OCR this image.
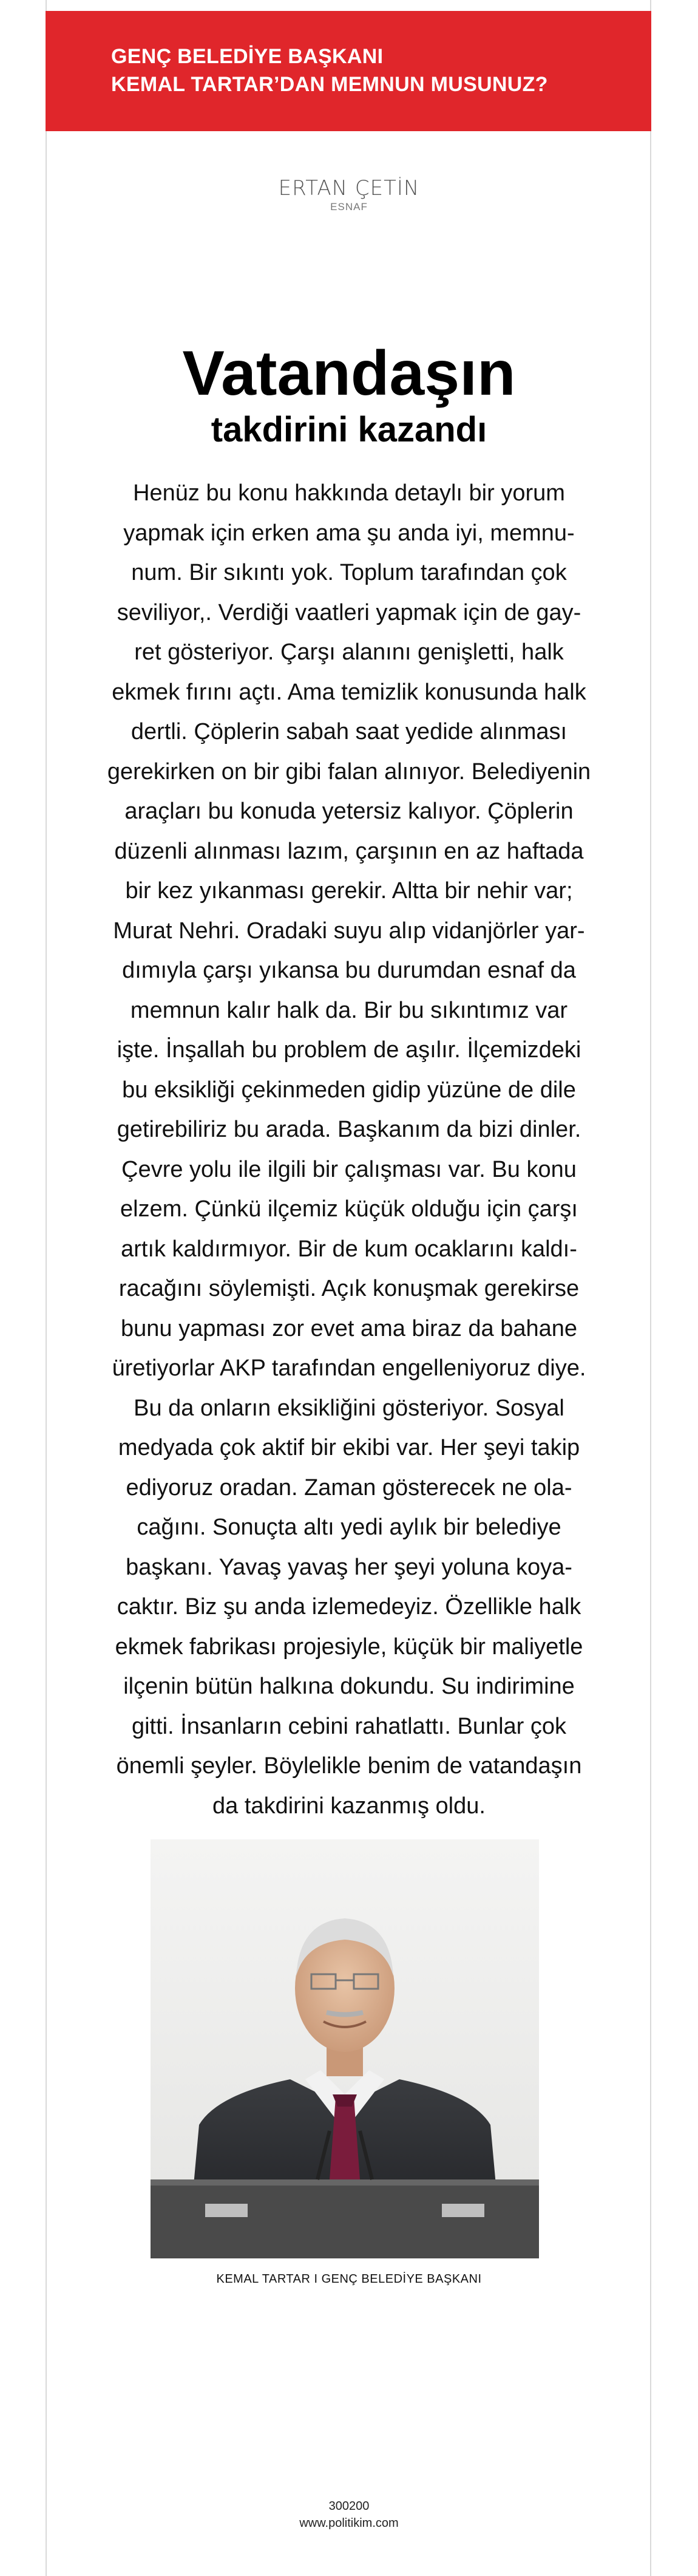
GENÇ BELEDİYE BAŞKANI
KEMAL TARTAR’DAN MEMNUN MUSUNUZ?
ERTAN ÇETİN
ESNAF
Vatandaşın
takdirini kazandı
Henüz bu konu hakkında detaylı bir yorum
yapmak için erken ama şu anda iyi, memnu-
num. Bir sıkıntı yok. Toplum tarafından çok
seviliyor,. Verdiği vaatleri yapmak için de gay-
ret gösteriyor. Çarşı alanını genişletti, halk
ekmek fırını açtı. Ama temizlik konusunda halk
dertli. Çöplerin sabah saat yedide alınması
gerekirken on bir gibi falan alınıyor. Belediyenin
araçları bu konuda yetersiz kalıyor. Çöplerin
düzenli alınması lazım, çarşının en az haftada
bir kez yıkanması gerekir. Altta bir nehir var;
Murat Nehri. Oradaki suyu alıp vidanjörler yar-
dımıyla çarşı yıkansa bu durumdan esnaf da
memnun kalır halk da. Bir bu sıkıntımız var
işte. İnşallah bu problem de aşılır. İlçemizdeki
bu eksikliği çekinmeden gidip yüzüne de dile
getirebiliriz bu arada. Başkanım da bizi dinler.
Çevre yolu ile ilgili bir çalışması var. Bu konu
elzem. Çünkü ilçemiz küçük olduğu için çarşı
artık kaldırmıyor. Bir de kum ocaklarını kaldı-
racağını söylemişti. Açık konuşmak gerekirse
bunu yapması zor evet ama biraz da bahane
üretiyorlar AKP tarafından engelleniyoruz diye.
Bu da onların eksikliğini gösteriyor. Sosyal
medyada çok aktif bir ekibi var. Her şeyi takip
ediyoruz oradan. Zaman gösterecek ne ola-
cağını. Sonuçta altı yedi aylık bir belediye
başkanı. Yavaş yavaş her şeyi yoluna koya-
caktır. Biz şu anda izlemedeyiz. Özellikle halk
ekmek fabrikası projesiyle, küçük bir maliyetle
ilçenin bütün halkına dokundu. Su indirimine
gitti. İnsanların cebini rahatlattı. Bunlar çok
önemli şeyler. Böylelikle benim de vatandaşın
da takdirini kazanmış oldu.
KEMAL TARTAR I GENÇ BELEDİYE BAŞKANI
300200
www.politikim.com
